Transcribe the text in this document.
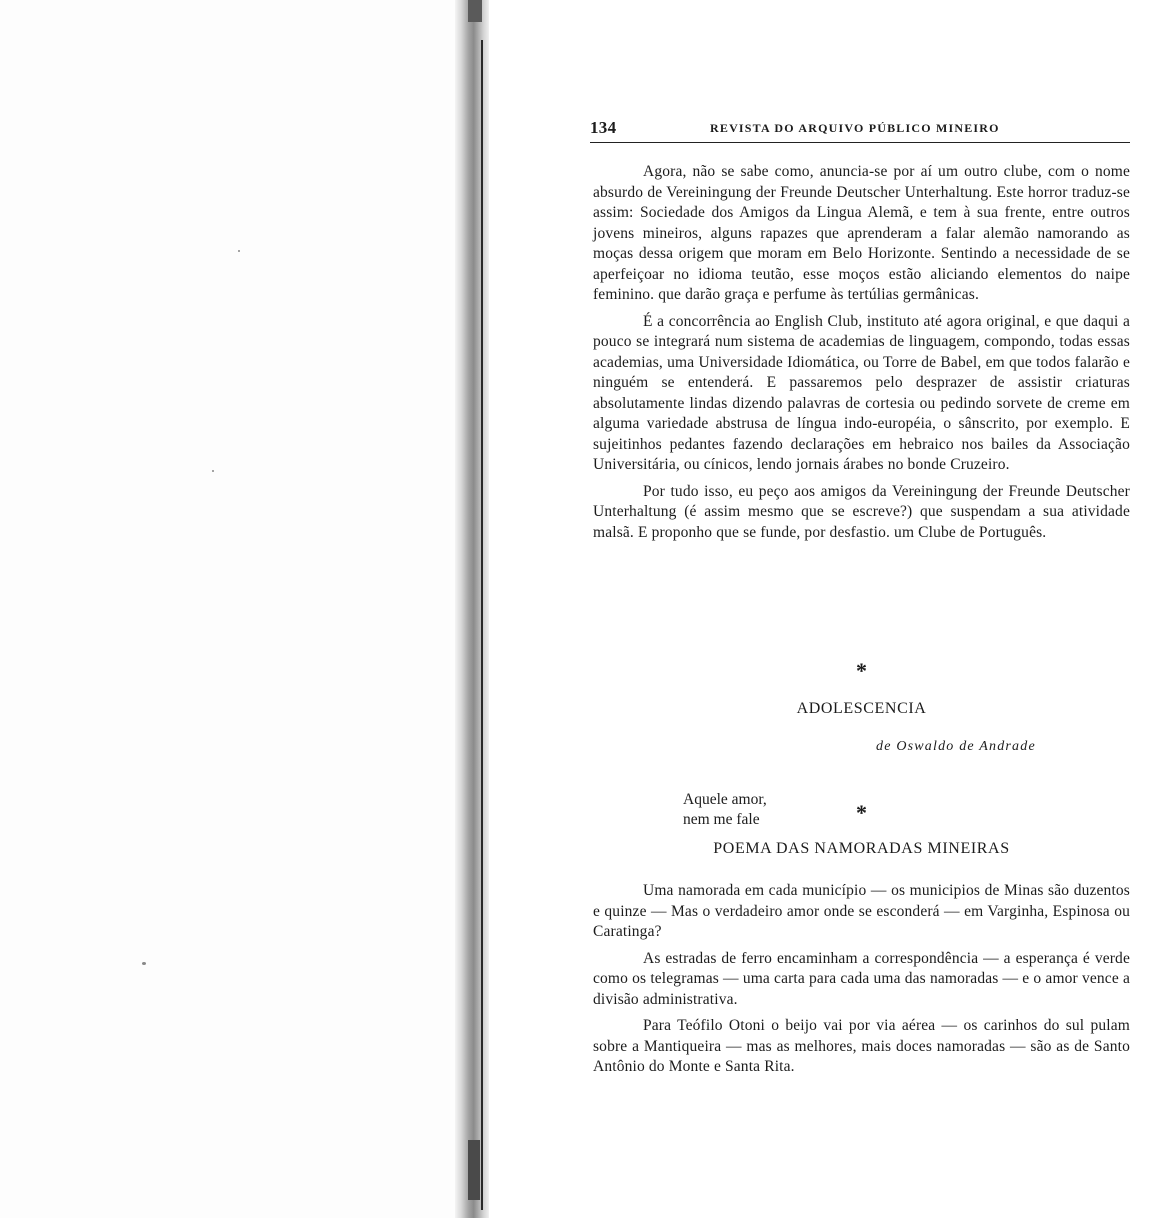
134	REVISTA DO ARQUIVO PÚBLICO MINEIRO

Agora, não se sabe como, anuncia-se por aí um outro clube, com o nome absurdo de Vereiningung der Freunde Deutscher Unterhaltung. Este horror traduz-se assim: Sociedade dos Amigos da Lingua Alemã, e tem à sua frente, entre outros jovens mineiros, alguns rapazes que aprenderam a falar alemão namorando as moças dessa origem que moram em Belo Horizonte. Sentindo a necessidade de se aperfeiçoar no idioma teutão, esse moços estão aliciando elementos do naipe feminino. que darão graça e perfume às tertúlias germânicas.

É a concorrência ao English Club, instituto até agora original, e que daqui a pouco se integrará num sistema de academias de linguagem, compondo, todas essas academias, uma Universidade Idiomática, ou Torre de Babel, em que todos falarão e ninguém se entenderá. E passaremos pelo desprazer de assistir criaturas absolutamente lindas dizendo palavras de cortesia ou pedindo sorvete de creme em alguma variedade abstrusa de língua indo-européia, o sânscrito, por exemplo. E sujeitinhos pedantes fazendo declarações em hebraico nos bailes da Associação Universitária, ou cínicos, lendo jornais árabes no bonde Cruzeiro.

Por tudo isso, eu peço aos amigos da Vereiningung der Freunde Deutscher Unterhaltung (é assim mesmo que se escreve?) que suspendam a sua atividade malsã. E proponho que se funde, por desfastio. um Clube de Português.

*
ADOLESCENCIA
de Oswaldo de Andrade
Aquele amor,
nem me fale	*
POEMA DAS NAMORADAS MINEIRAS

Uma namorada em cada município — os municipios de Minas são duzentos e quinze — Mas o verdadeiro amor onde se esconderá — em Varginha, Espinosa ou Caratinga?

As estradas de ferro encaminham a correspondência — a esperança é verde como os telegramas — uma carta para cada uma das namoradas — e o amor vence a divisão administrativa.

Para Teófilo Otoni o beijo vai por via aérea — os carinhos do sul pulam sobre a Mantiqueira — mas as melhores, mais doces namoradas — são as de Santo Antônio do Monte e Santa Rita.
